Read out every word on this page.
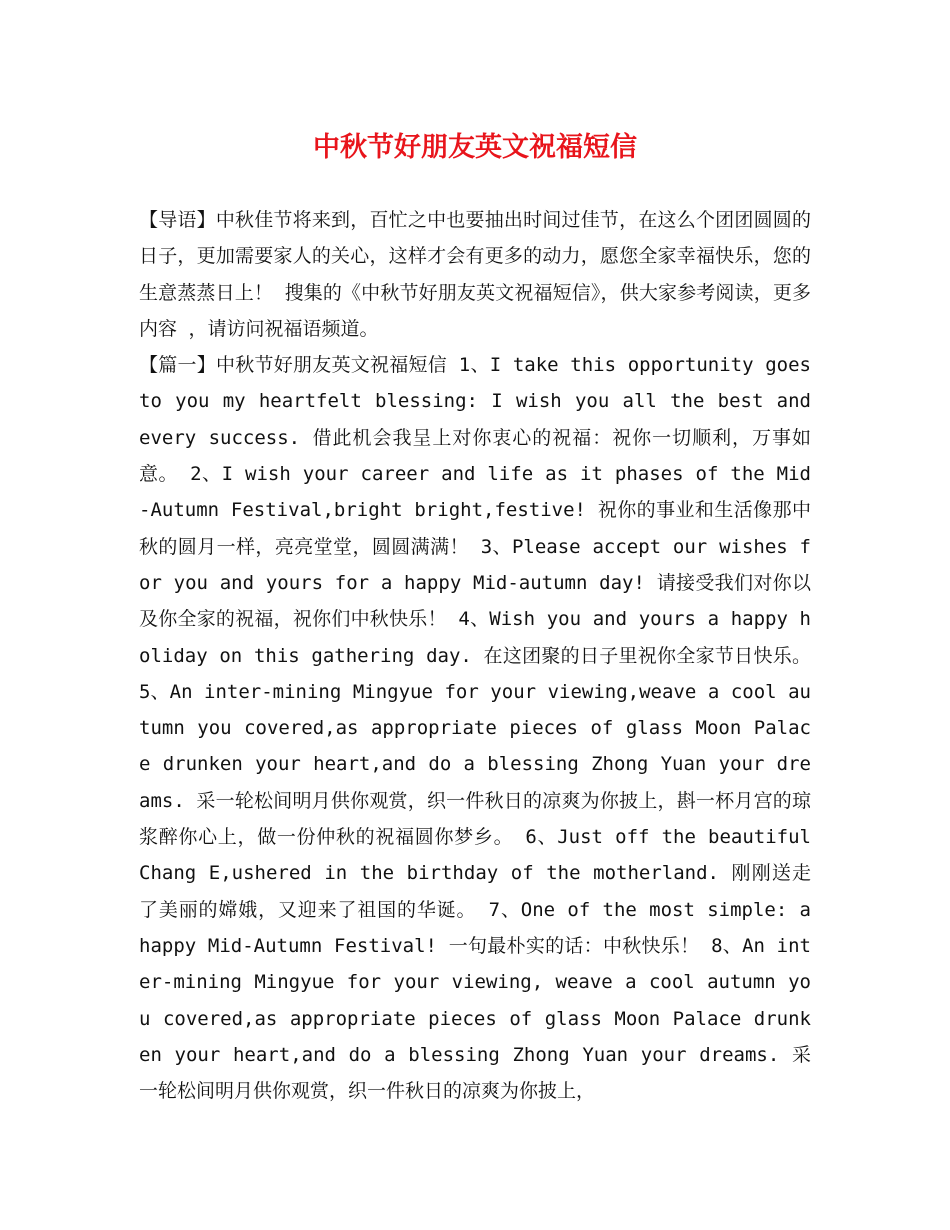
中秋节好朋友英文祝福短信

【导语】中秋佳节将来到，百忙之中也要抽出时间过佳节，在这么个团团圆圆的日子，更加需要家人的关心，这样才会有更多的动力，愿您全家幸福快乐，您的生意蒸蒸日上！ 搜集的《中秋节好朋友英文祝福短信》，供大家参考阅读，更多内容 ，请访问祝福语频道。

【篇一】中秋节好朋友英文祝福短信 1、I take this opportunity goes to you my heartfelt blessing: I wish you all the best and every success. 借此机会我呈上对你衷心的祝福：祝你一切顺利，万事如意。 2、I wish your career and life as it phases of the Mid-Autumn Festival,bright bright,festive! 祝你的事业和生活像那中秋的圆月一样，亮亮堂堂，圆圆满满！ 3、Please accept our wishes for you and yours for a happy Mid-autumn day! 请接受我们对你以及你全家的祝福，祝你们中秋快乐！ 4、Wish you and yours a happy holiday on this gathering day. 在这团聚的日子里祝你全家节日快乐。 5、An inter-mining Mingyue for your viewing,weave a cool autumn you covered,as appropriate pieces of glass Moon Palace drunken your heart,and do a blessing Zhong Yuan your dreams. 采一轮松间明月供你观赏，织一件秋日的凉爽为你披上，斟一杯月宫的琼浆醉你心上，做一份仲秋的祝福圆你梦乡。 6、Just off the beautiful Chang E,ushered in the birthday of the motherland. 刚刚送走了美丽的嫦娥，又迎来了祖国的华诞。 7、One of the most simple: a happy Mid-Autumn Festival! 一句最朴实的话：中秋快乐！ 8、An inter-mining Mingyue for your viewing, weave a cool autumn you covered,as appropriate pieces of glass Moon Palace drunken your heart,and do a blessing Zhong Yuan your dreams. 采一轮松间明月供你观赏，织一件秋日的凉爽为你披上，
